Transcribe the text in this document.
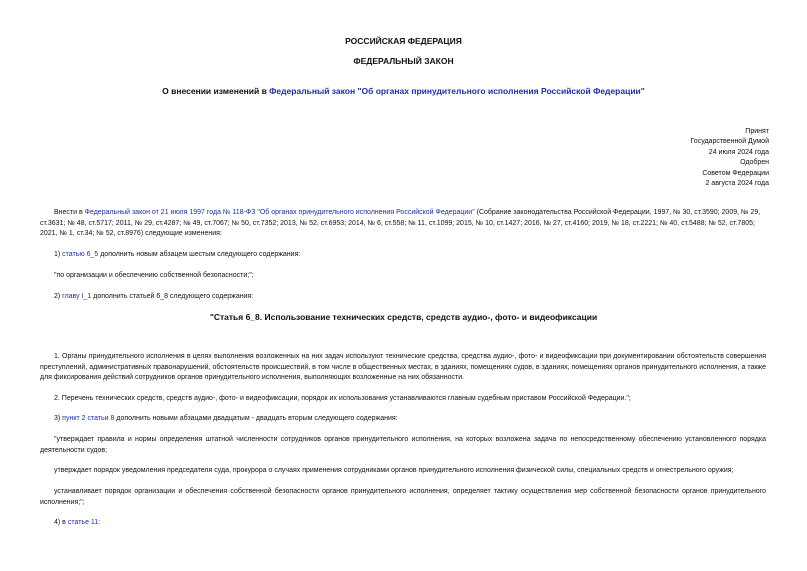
РОССИЙСКАЯ ФЕДЕРАЦИЯ
ФЕДЕРАЛЬНЫЙ ЗАКОН
О внесении изменений в Федеральный закон "Об органах принудительного исполнения Российской Федерации"
Принят
Государственной Думой
24 июля 2024 года
Одобрен
Советом Федерации
2 августа 2024 года
Внести в Федеральный закон от 21 июля 1997 года № 118-ФЗ "Об органах принудительного исполнения Российской Федерации" (Собрание законодательства Российской Федерации, 1997, № 30, ст.3590; 2009, № 29, ст.3631; № 48, ст.5717; 2011, № 29, ст.4287; № 49, ст.7067; № 50, ст.7352; 2013, № 52, ст.6953; 2014, № 6, ст.558; № 11, ст.1099; 2015, № 10, ст.1427; 2016, № 27, ст.4160; 2019, № 18, ст.2221; № 40, ст.5488; № 52, ст.7805; 2021, № 1, ст.34; № 52, ст.8976) следующие изменения:
1) статью 6_5 дополнить новым абзацем шестым следующего содержания:
"по организации и обеспечению собственной безопасности;";
2) главу I_1 дополнить статьей 6_8 следующего содержания:
"Статья 6_8. Использование технических средств, средств аудио-, фото- и видеофиксации
1. Органы принудительного исполнения в целях выполнения возложенных на них задач используют технические средства, средства аудио-, фото- и видеофиксации при документировании обстоятельств совершения преступлений, административных правонарушений, обстоятельств происшествий, в том числе в общественных местах, в зданиях, помещениях судов, в зданиях, помещениях органов принудительного исполнения, а также для фиксирования действий сотрудников органов принудительного исполнения, выполняющих возложенные на них обязанности.
2. Перечень технических средств, средств аудио-, фото- и видеофиксации, порядок их использования устанавливаются главным судебным приставом Российской Федерации.";
3) пункт 2 статьи 8 дополнить новыми абзацами двадцатым - двадцать вторым следующего содержания:
"утверждает правила и нормы определения штатной численности сотрудников органов принудительного исполнения, на которых возложена задача по непосредственному обеспечению установленного порядка деятельности судов;
утверждает порядок уведомления председателя суда, прокурора о случаях применения сотрудниками органов принудительного исполнения физической силы, специальных средств и огнестрельного оружия;
устанавливает порядок организации и обеспечения собственной безопасности органов принудительного исполнения, определяет тактику осуществления мер собственной безопасности органов принудительного исполнения;";
4) в статье 11:
